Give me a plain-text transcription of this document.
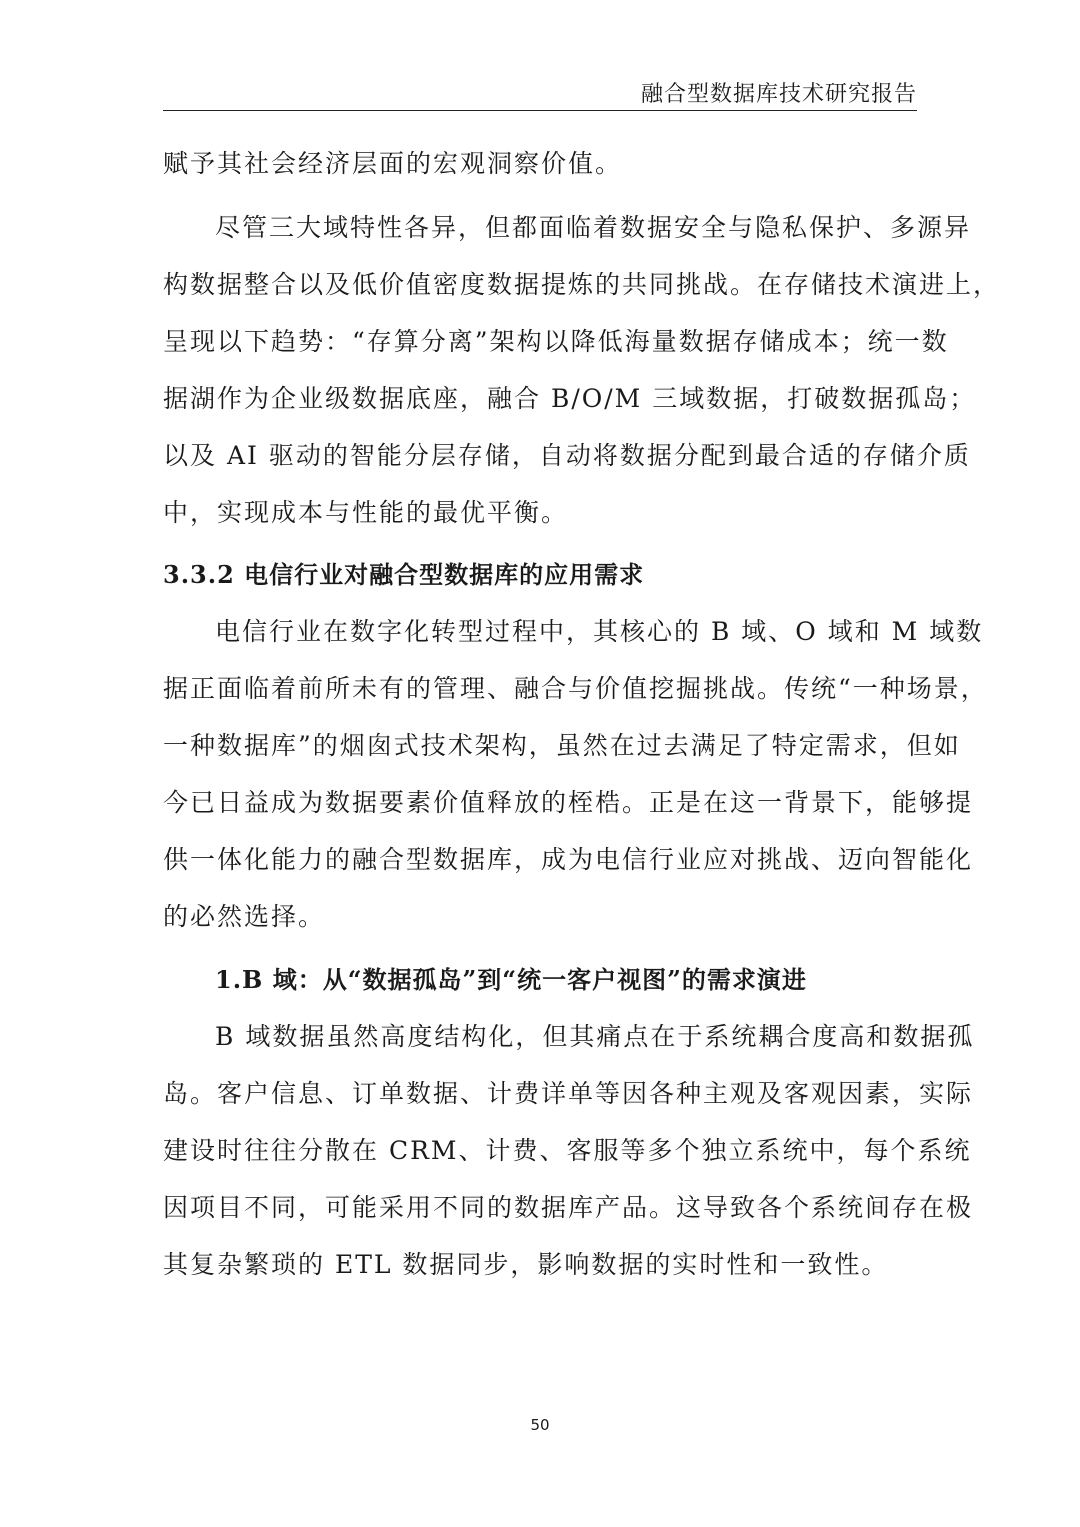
融合型数据库技术研究报告
赋予其社会经济层面的宏观洞察价值。
尽管三大域特性各异，但都面临着数据安全与隐私保护、多源异
构数据整合以及低价值密度数据提炼的共同挑战。在存储技术演进上，
呈现以下趋势：“存算分离”架构以降低海量数据存储成本；统一数
据湖作为企业级数据底座，融合 B/O/M 三域数据，打破数据孤岛；
以及 AI 驱动的智能分层存储，自动将数据分配到最合适的存储介质
中，实现成本与性能的最优平衡。
3.3.2 电信行业对融合型数据库的应用需求
电信行业在数字化转型过程中，其核心的 B 域、O 域和 M 域数
据正面临着前所未有的管理、融合与价值挖掘挑战。传统“一种场景，
一种数据库”的烟囱式技术架构，虽然在过去满足了特定需求，但如
今已日益成为数据要素价值释放的桎梏。正是在这一背景下，能够提
供一体化能力的融合型数据库，成为电信行业应对挑战、迈向智能化
的必然选择。
1.B 域：从“数据孤岛”到“统一客户视图”的需求演进
B 域数据虽然高度结构化，但其痛点在于系统耦合度高和数据孤
岛。客户信息、订单数据、计费详单等因各种主观及客观因素，实际
建设时往往分散在 CRM、计费、客服等多个独立系统中，每个系统
因项目不同，可能采用不同的数据库产品。这导致各个系统间存在极
其复杂繁琐的 ETL 数据同步，影响数据的实时性和一致性。
50
